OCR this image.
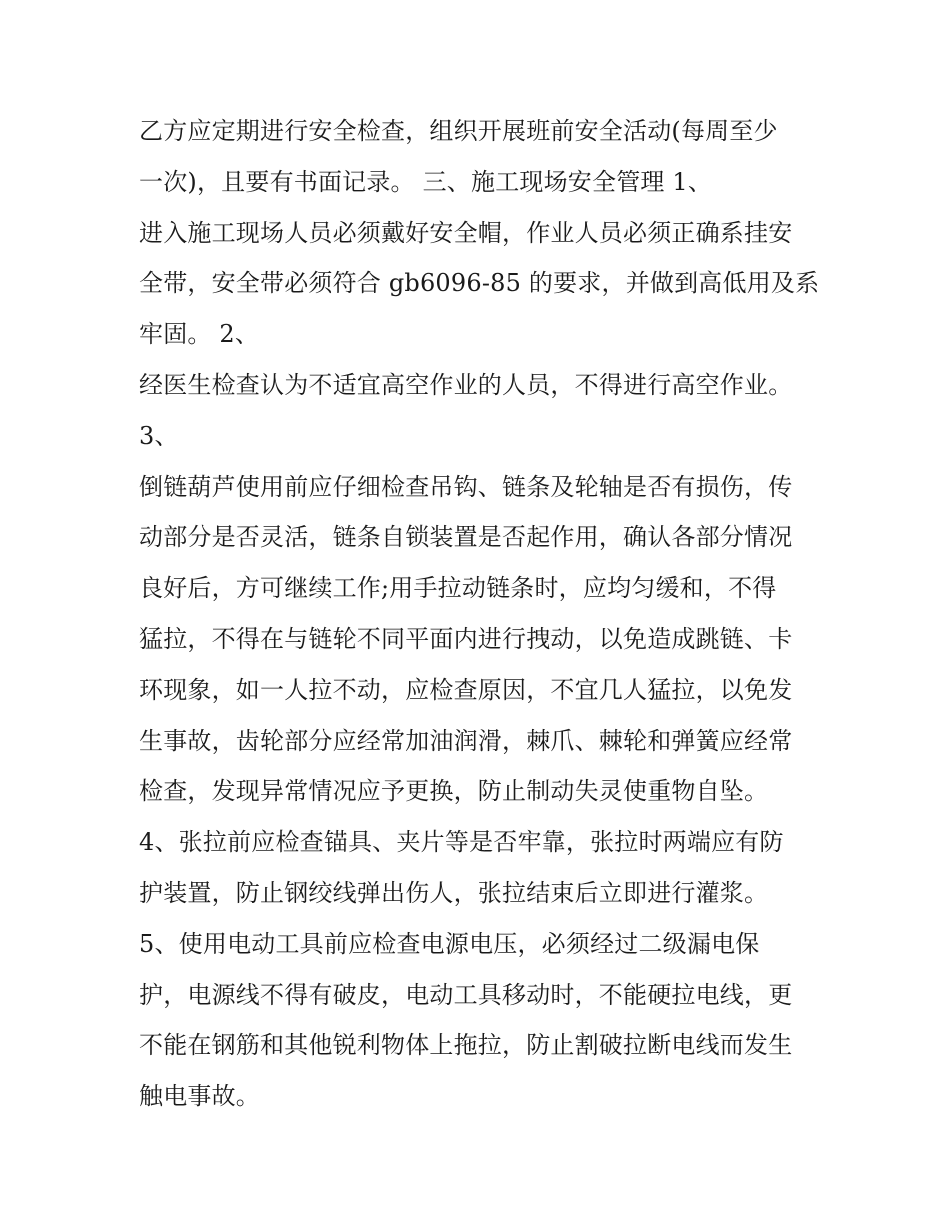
乙方应定期进行安全检查，组织开展班前安全活动(每周至少
一次)，且要有书面记录。 三、施工现场安全管理 1、
进入施工现场人员必须戴好安全帽，作业人员必须正确系挂安
全带，安全带必须符合 gb6096-85 的要求，并做到高低用及系
牢固。 2、
经医生检查认为不适宜高空作业的人员，不得进行高空作业。
3、
倒链葫芦使用前应仔细检查吊钩、链条及轮轴是否有损伤，传
动部分是否灵活，链条自锁装置是否起作用，确认各部分情况
良好后，方可继续工作;用手拉动链条时，应均匀缓和，不得
猛拉，不得在与链轮不同平面内进行拽动，以免造成跳链、卡
环现象，如一人拉不动，应检查原因，不宜几人猛拉，以免发
生事故，齿轮部分应经常加油润滑，棘爪、棘轮和弹簧应经常
检查，发现异常情况应予更换，防止制动失灵使重物自坠。
4、张拉前应检查锚具、夹片等是否牢靠，张拉时两端应有防
护装置，防止钢绞线弹出伤人，张拉结束后立即进行灌浆。
5、使用电动工具前应检查电源电压，必须经过二级漏电保
护，电源线不得有破皮，电动工具移动时，不能硬拉电线，更
不能在钢筋和其他锐利物体上拖拉，防止割破拉断电线而发生
触电事故。
